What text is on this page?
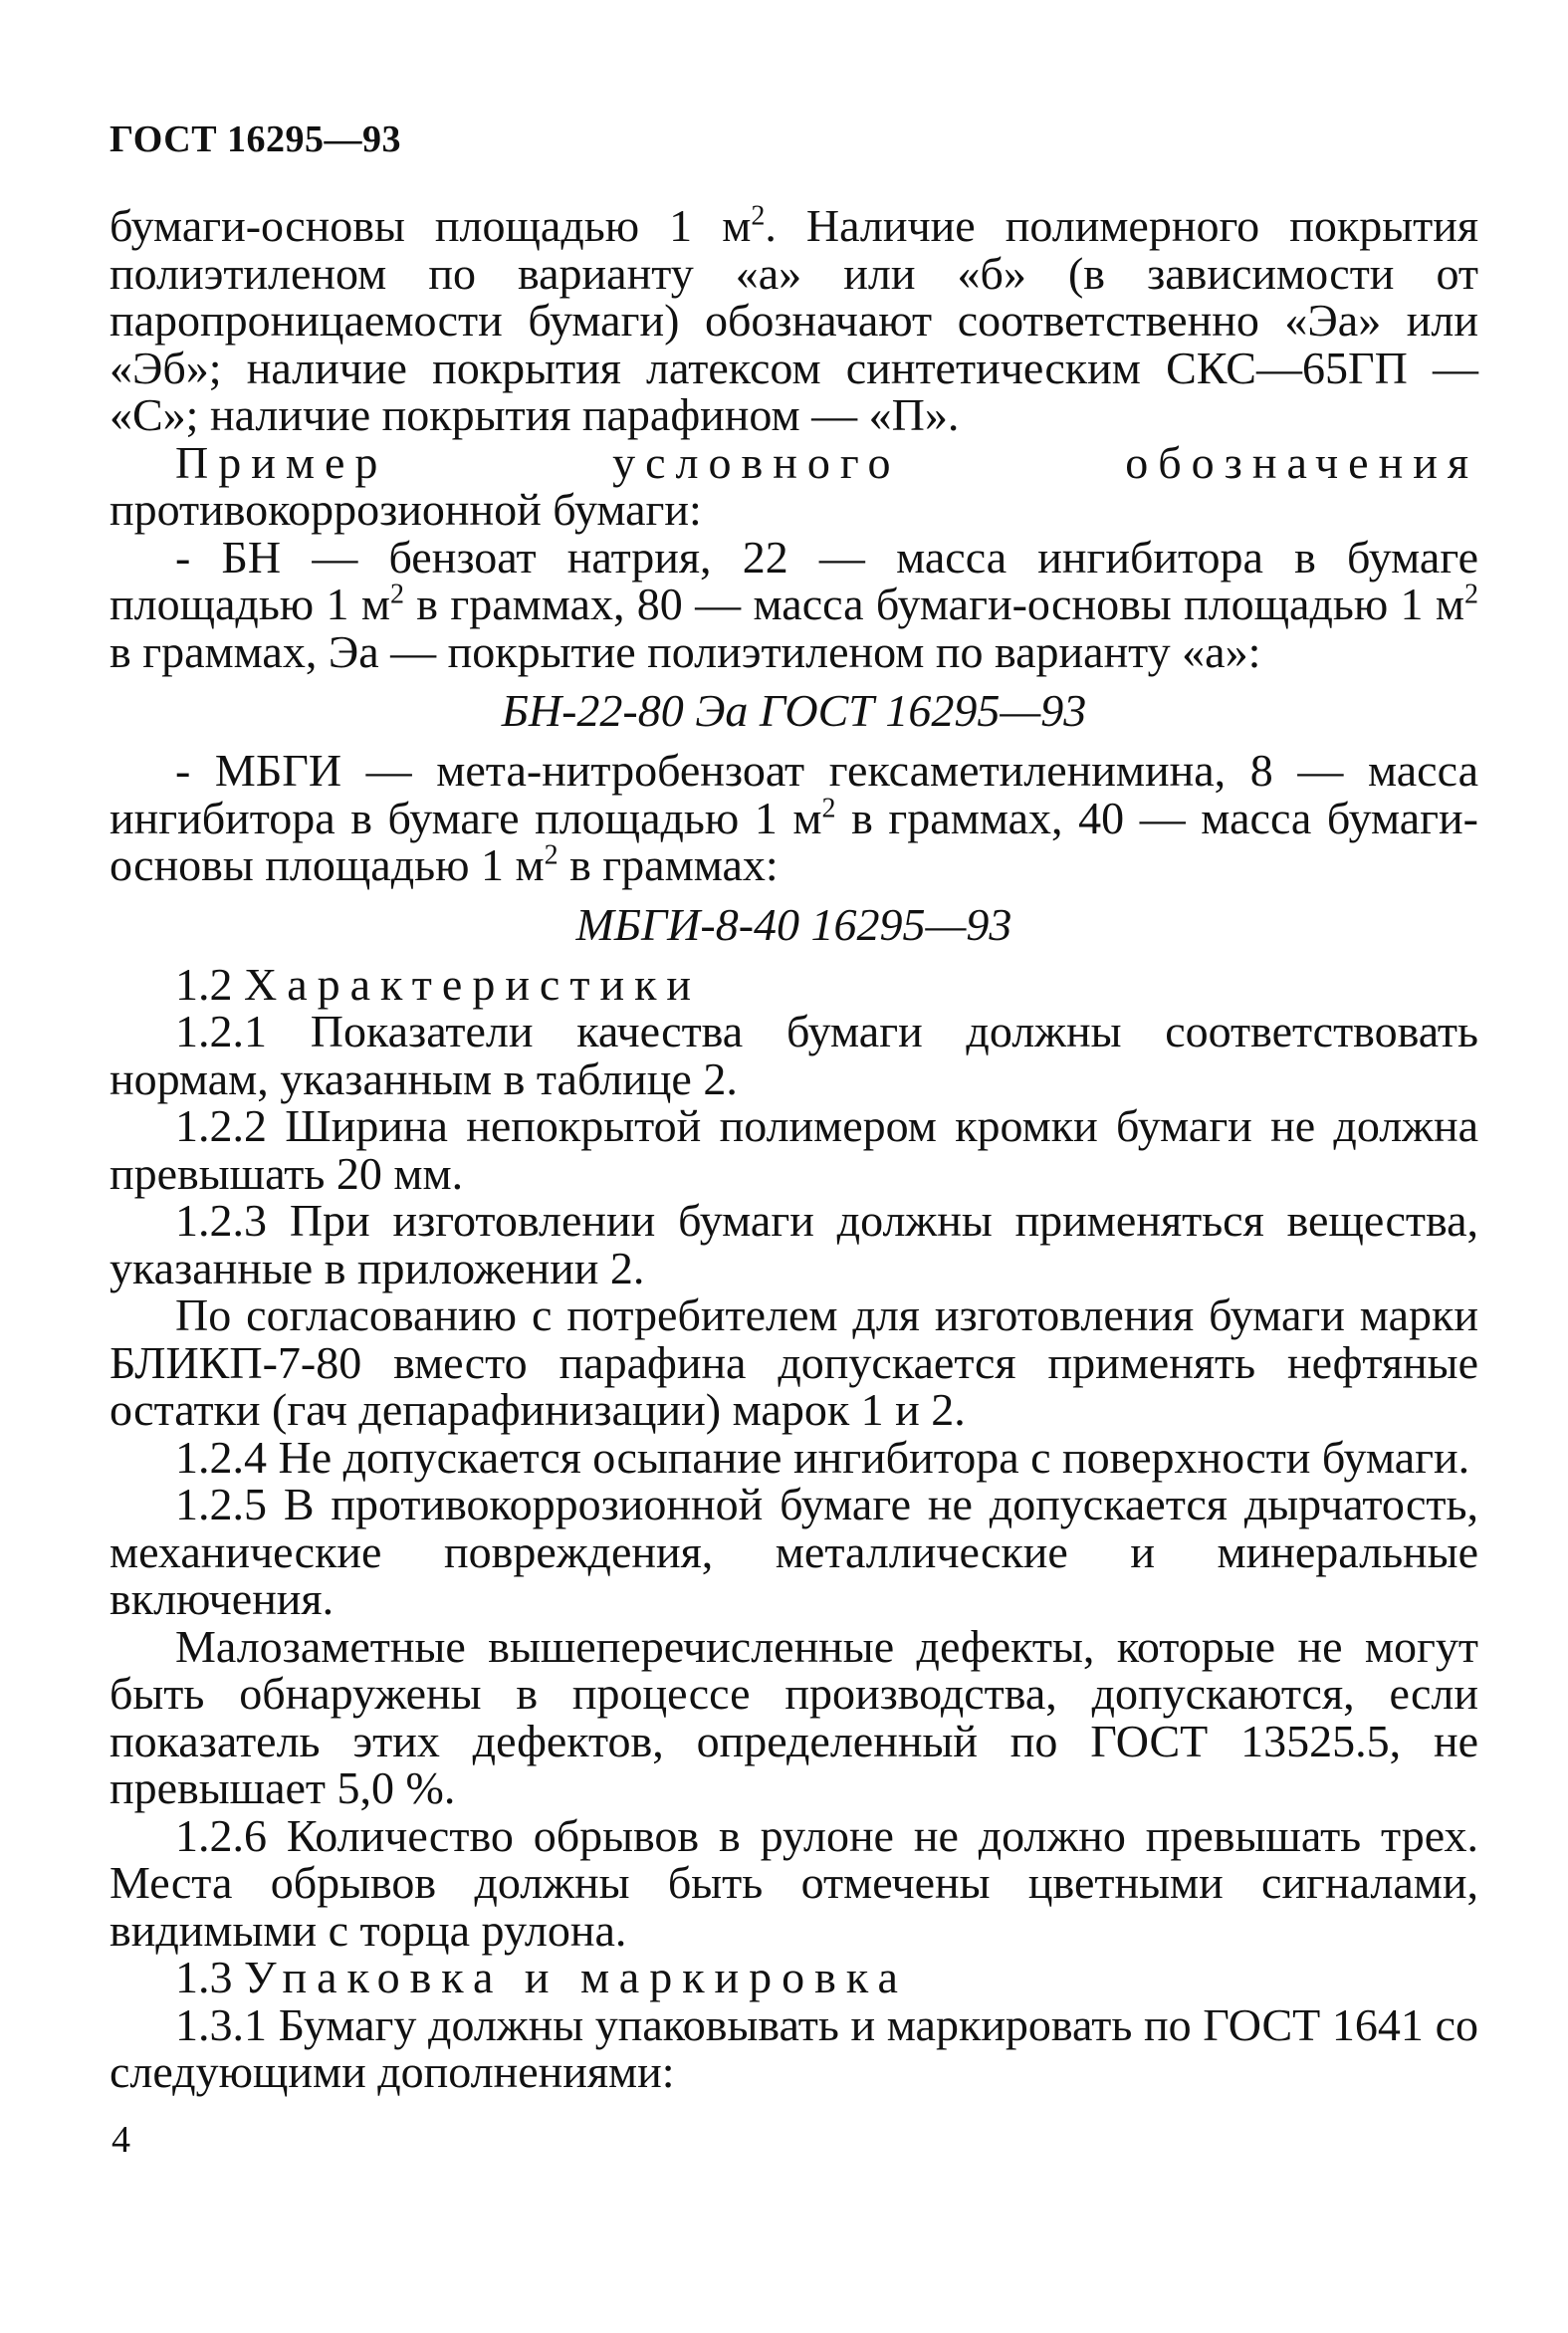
ГОСТ 16295—93

бумаги-основы площадью 1 $м^2$. Наличие полимерного покрытия полиэтиленом по варианту «а» или «б» (в зависимости от паропроницаемости бумаги) обозначают соответственно «Эа» или «Эб»; наличие покрытия латексом синтетическим СКС—65ГП — «С»; наличие покрытия парафином — «П».

Пример условного обозначения противокоррозионной бумаги:

- БН — бензоат натрия, 22 — масса ингибитора в бумаге площадью 1 $м^2$ в граммах, 80 — масса бумаги-основы площадью 1 $м^2$ в граммах, Эа — покрытие полиэтиленом по варианту «а»:

БН-22-80 Эа ГОСТ 16295—93

- МБГИ — мета-нитробензоат гексаметиленимина, 8 — масса ингибитора в бумаге площадью 1 $м^2$ в граммах, 40 — масса бумаги-основы площадью 1 $м^2$ в граммах:

МБГИ-8-40 16295—93

1.2 Характеристики

1.2.1 Показатели качества бумаги должны соответствовать нормам, указанным в таблице 2.

1.2.2 Ширина непокрытой полимером кромки бумаги не должна превышать 20 мм.

1.2.3 При изготовлении бумаги должны применяться вещества, указанные в приложении 2.

По согласованию с потребителем для изготовления бумаги марки БЛИКП-7-80 вместо парафина допускается применять нефтяные остатки (гач депарафинизации) марок 1 и 2.

1.2.4 Не допускается осыпание ингибитора с поверхности бумаги.

1.2.5 В противокоррозионной бумаге не допускается дырчатость, механические повреждения, металлические и минеральные включения.

Малозаметные вышеперечисленные дефекты, которые не могут быть обнаружены в процессе производства, допускаются, если показатель этих дефектов, определенный по ГОСТ 13525.5, не превышает 5,0 %.

1.2.6 Количество обрывов в рулоне не должно превышать трех. Места обрывов должны быть отмечены цветными сигналами, видимыми с торца рулона.

1.3 Упаковка и маркировка

1.3.1 Бумагу должны упаковывать и маркировать по ГОСТ 1641 со следующими дополнениями:

4
